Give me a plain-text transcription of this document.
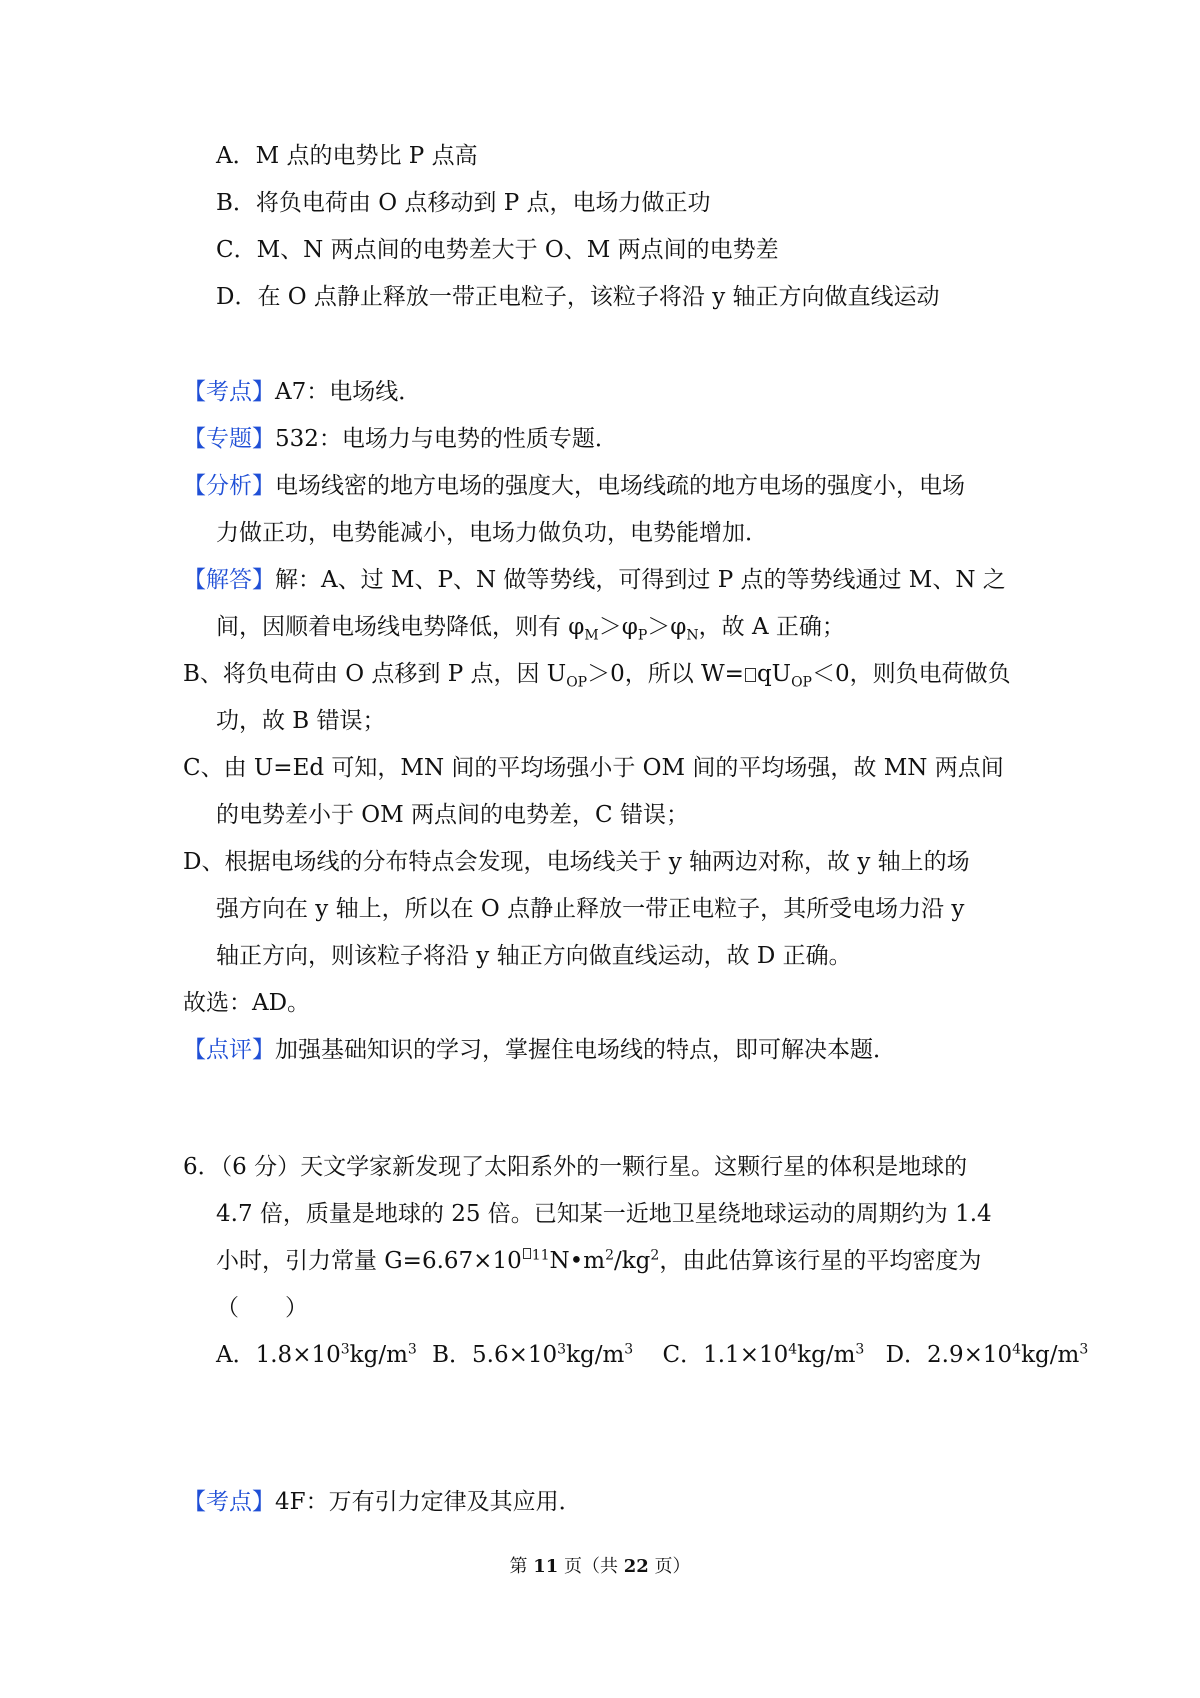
A．M 点的电势比 P 点高
B．将负电荷由 O 点移动到 P 点，电场力做正功
C．M、N 两点间的电势差大于 O、M 两点间的电势差
D．在 O 点静止释放一带正电粒子，该粒子将沿 y 轴正方向做直线运动
【考点】A7：电场线．
【专题】532：电场力与电势的性质专题．
【分析】电场线密的地方电场的强度大，电场线疏的地方电场的强度小，电场
力做正功，电势能减小，电场力做负功，电势能增加．
【解答】解：A、过 M、P、N 做等势线，可得到过 P 点的等势线通过 M、N 之
间，因顺着电场线电势降低，则有 $\varphi_M>\varphi_P>\varphi_N$，故 A 正确；
B、将负电荷由 O 点移到 P 点，因 $U_{OP}>0$，所以 $W= qU_{OP}<0$，则负电荷做负
功，故 B 错误；
C、由 U=Ed 可知，MN 间的平均场强小于 OM 间的平均场强，故 MN 两点间
的电势差小于 OM 两点间的电势差，C 错误；
D、根据电场线的分布特点会发现，电场线关于 y 轴两边对称，故 y 轴上的场
强方向在 y 轴上，所以在 O 点静止释放一带正电粒子，其所受电场力沿 y
轴正方向，则该粒子将沿 y 轴正方向做直线运动，故 D 正确。
故选：AD。
【点评】加强基础知识的学习，掌握住电场线的特点，即可解决本题．
6．（6 分）天文学家新发现了太阳系外的一颗行星。这颗行星的体积是地球的
4.7 倍，质量是地球的 25 倍。已知某一近地卫星绕地球运动的周期约为 1.4
小时，引力常量 G=6.67×10 $^{11}N•m^2/kg^2$，由此估算该行星的平均密度为
（　　）
A．$1.8\times 10^3kg/m^3$ B．$5.6\times 10^3kg/m^3$ C．$1.1\times 10^4kg/m^3$ D．$2.9\times 10^4kg/m^3$
【考点】4F：万有引力定律及其应用．
第 11 页（共 22 页）
